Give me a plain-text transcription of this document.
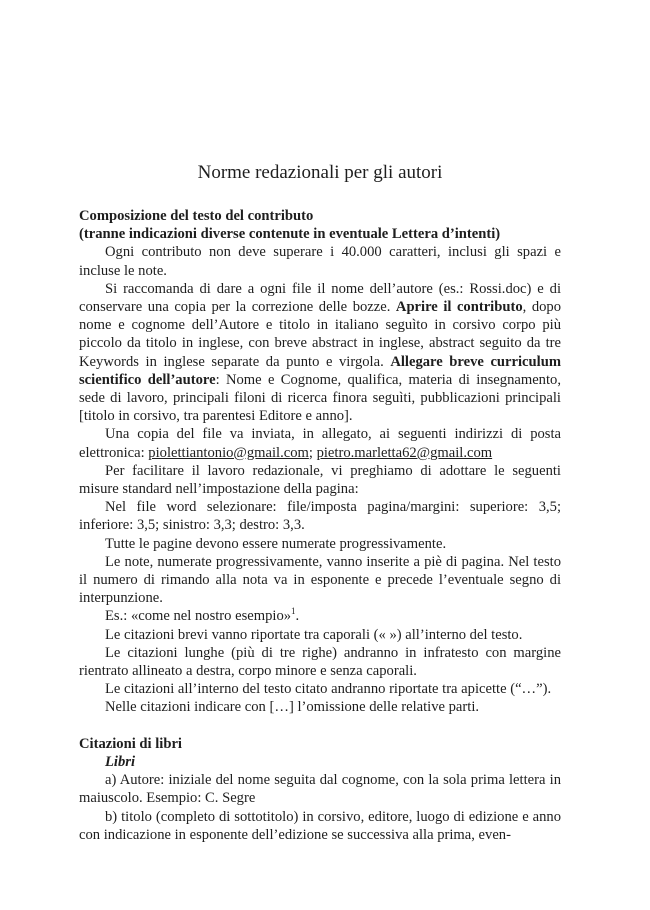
Norme redazionali per gli autori
Composizione del testo del contributo
(tranne indicazioni diverse contenute in eventuale Lettera d’intenti)

Ogni contributo non deve superare i 40.000 caratteri, inclusi gli spazi e incluse le note.

Si raccomanda di dare a ogni file il nome dell’autore (es.: Rossi.doc) e di conservare una copia per la correzione delle bozze. Aprire il contributo, dopo nome e cognome dell’Autore e titolo in italiano seguìto in corsivo corpo più piccolo da titolo in inglese, con breve abstract in inglese, abstract seguito da tre Keywords in inglese separate da punto e virgola. Allegare breve curriculum scientifico dell’autore: Nome e Cognome, qualifica, materia di insegnamento, sede di lavoro, principali filoni di ricerca finora seguìti, pubblicazioni principali [titolo in corsivo, tra parentesi Editore e anno].

Una copia del file va inviata, in allegato, ai seguenti indirizzi di posta elettronica: piolettiantonio@gmail.com; pietro.marletta62@gmail.com

Per facilitare il lavoro redazionale, vi preghiamo di adottare le seguenti misure standard nell’impostazione della pagina:

Nel file word selezionare: file/imposta pagina/margini: superiore: 3,5; inferiore: 3,5; sinistro: 3,3; destro: 3,3.

Tutte le pagine devono essere numerate progressivamente.

Le note, numerate progressivamente, vanno inserite a piè di pagina. Nel testo il numero di rimando alla nota va in esponente e precede l’eventuale segno di interpunzione.

Es.: «come nel nostro esempio»$^1$.

Le citazioni brevi vanno riportate tra caporali (« ») all’interno del testo.

Le citazioni lunghe (più di tre righe) andranno in infratesto con margine rientrato allineato a destra, corpo minore e senza caporali.

Le citazioni all’interno del testo citato andranno riportate tra apicette (“…”).

Nelle citazioni indicare con […] l’omissione delle relative parti.

Citazioni di libri
Libri

a) Autore: iniziale del nome seguita dal cognome, con la sola prima lettera in maiuscolo. Esempio: C. Segre

b) titolo (completo di sottotitolo) in corsivo, editore, luogo di edizione e anno con indicazione in esponente dell’edizione se successiva alla prima, even-
